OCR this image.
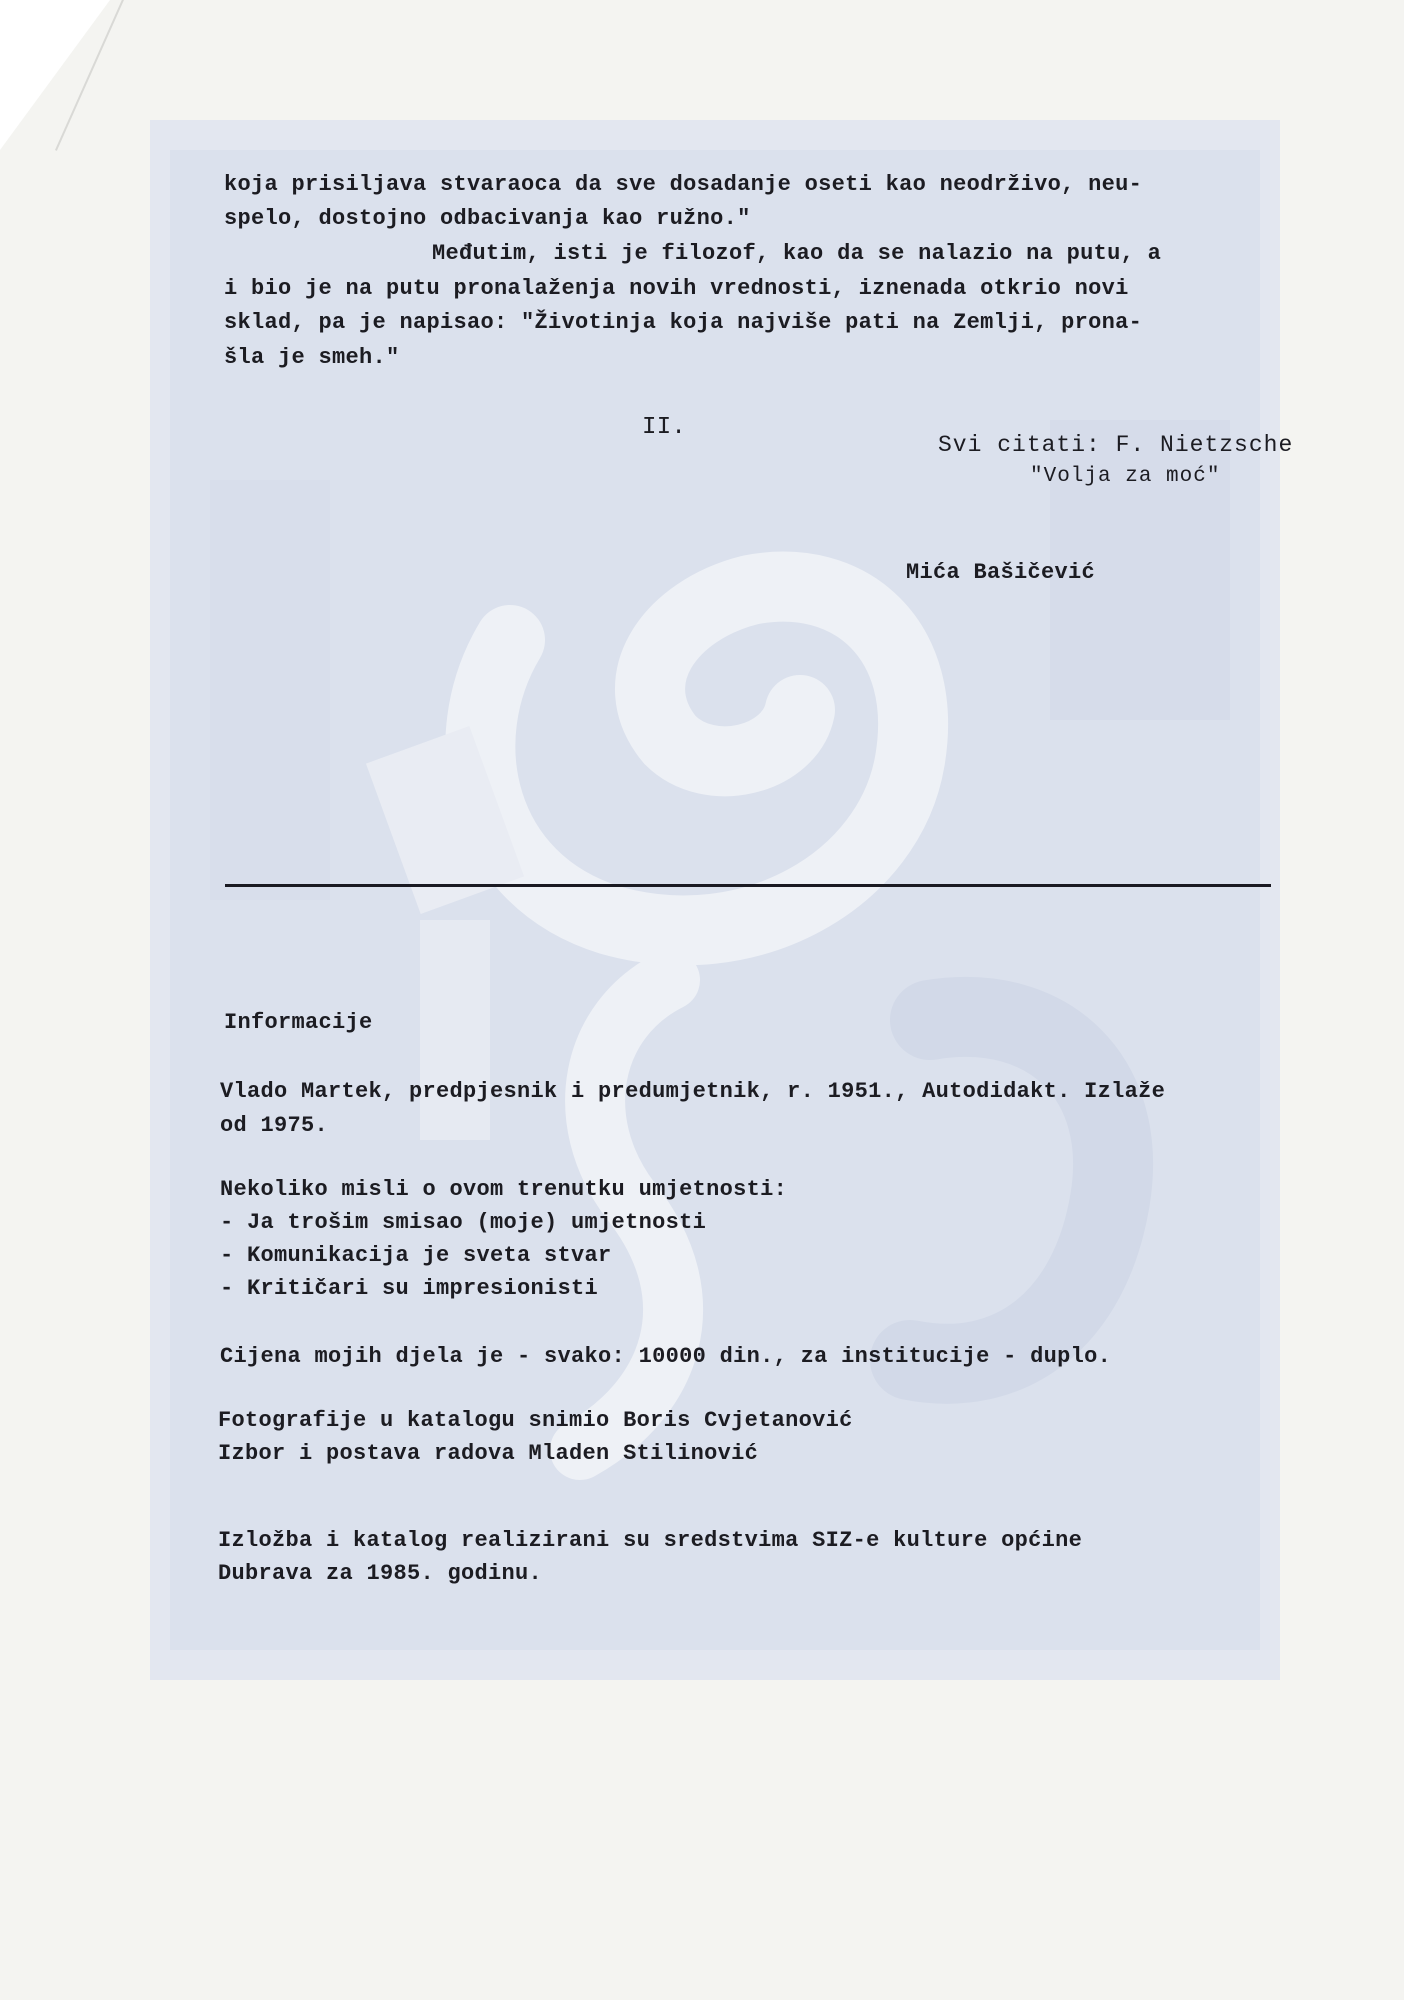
koja prisiljava stvaraoca da sve dosadanje oseti kao neodrživo, neu-
spelo, dostojno odbacivanja kao ružno."
Međutim, isti je filozof, kao da se nalazio na putu, a
i bio je na putu pronalaženja novih vrednosti, iznenada otkrio novi
sklad, pa je napisao: "Životinja koja najviše pati na Zemlji, prona-
šla je smeh."
II.
Svi citati: F. Nietzsche
"Volja za moć"
Mića Bašičević
Informacije
Vlado Martek, predpjesnik i predumjetnik, r. 1951., Autodidakt. Izlaže
od 1975.
Nekoliko misli o ovom trenutku umjetnosti:
- Ja trošim smisao (moje) umjetnosti
- Komunikacija je sveta stvar
- Kritičari su impresionisti
Cijena mojih djela je - svako: 10000 din., za institucije - duplo.
Fotografije u katalogu snimio Boris Cvjetanović
Izbor i postava radova Mladen Stilinović
Izložba i katalog realizirani su sredstvima SIZ-e kulture općine
Dubrava za 1985. godinu.
